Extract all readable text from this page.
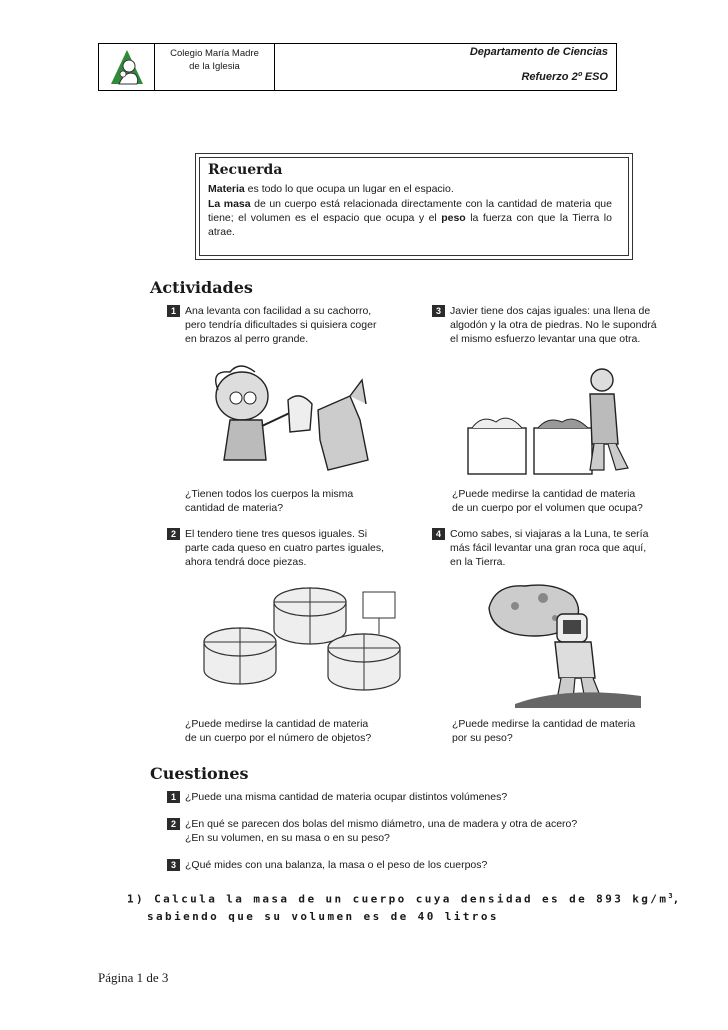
Colegio María Madre
de la Iglesia
Departamento de Ciencias
Refuerzo 2º ESO
Recuerda

Materia es todo lo que ocupa un lugar en el espacio.

La masa de un cuerpo está relacionada directamente con la cantidad de materia que tiene; el volumen es el espacio que ocupa y el peso la fuerza con que la Tierra lo atrae.

Actividades
1 Ana levanta con facilidad a su cachorro,
pero tendría dificultades si quisiera coger
en brazos al perro grande.
¿Tienen todos los cuerpos la misma
cantidad de materia?
3 Javier tiene dos cajas iguales: una llena de
algodón y la otra de piedras. No le supondrá
el mismo esfuerzo levantar una que otra.
¿Puede medirse la cantidad de materia
de un cuerpo por el volumen que ocupa?
2 El tendero tiene tres quesos iguales. Si
parte cada queso en cuatro partes iguales,
ahora tendrá doce piezas.
¿Puede medirse la cantidad de materia
de un cuerpo por el número de objetos?
4 Como sabes, si viajaras a la Luna, te sería
más fácil levantar una gran roca que aquí,
en la Tierra.
¿Puede medirse la cantidad de materia
por su peso?
Cuestiones
1 ¿Puede una misma cantidad de materia ocupar distintos volúmenes?
2 ¿En qué se parecen dos bolas del mismo diámetro, una de madera y otra de acero?
¿En su volumen, en su masa o en su peso?
3 ¿Qué mides con una balanza, la masa o el peso de los cuerpos?
1) Calcula la masa de un cuerpo cuya densidad es de 893 $kg/m^3$,
sabiendo que su volumen es de 40 litros
Página 1 de 3
